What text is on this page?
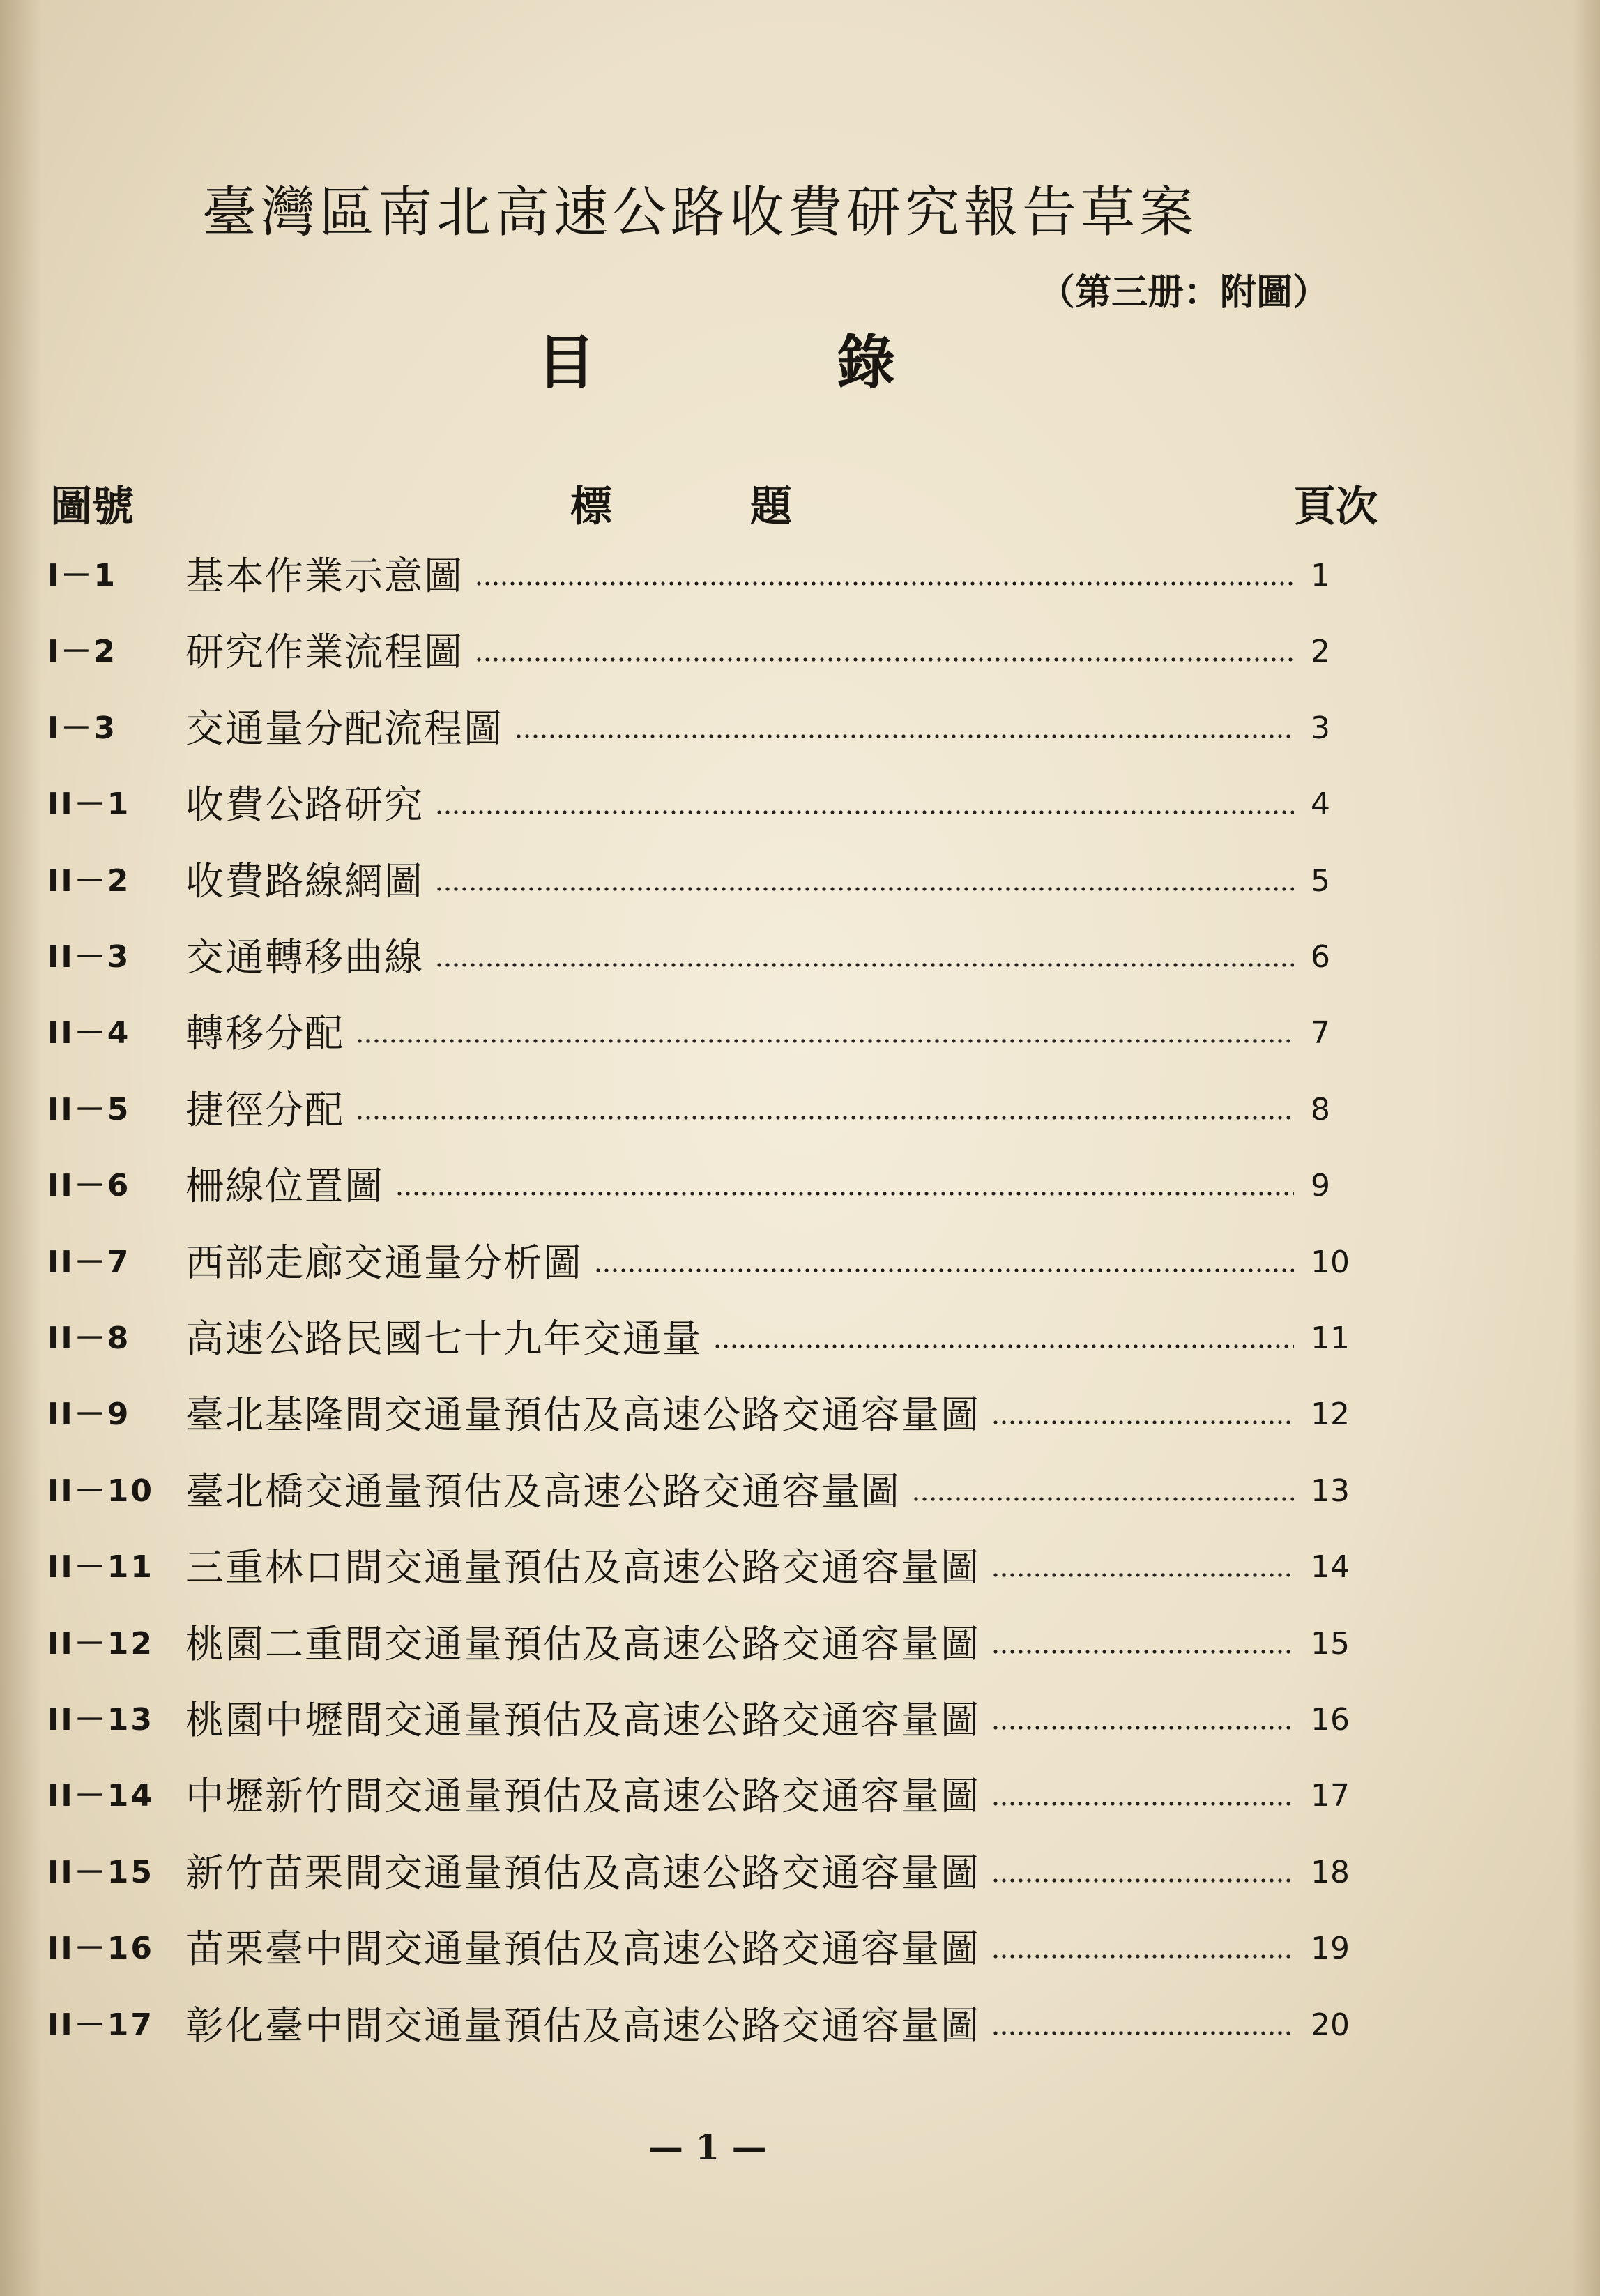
臺灣區南北高速公路收費研究報告草案
（第三册：附圖）
目	錄
圖號	標	題	頁次
I－1 基本作業示意圖	1
I－2 研究作業流程圖	2
I－3 交通量分配流程圖	3
II－1 收費公路研究	4
II－2 收費路線網圖	5
II－3 交通轉移曲線	6
II－4 轉移分配	7
II－5 捷徑分配	8
II－6 柵線位置圖	9
II－7 西部走廊交通量分析圖	10
II－8 高速公路民國七十九年交通量	11
II－9 臺北基隆間交通量預估及高速公路交通容量圖	12
II－10 臺北橋交通量預估及高速公路交通容量圖	13
II－11 三重林口間交通量預估及高速公路交通容量圖	14
II－12 桃園二重間交通量預估及高速公路交通容量圖	15
II－13 桃園中壢間交通量預估及高速公路交通容量圖	16
II－14 中壢新竹間交通量預估及高速公路交通容量圖	17
II－15 新竹苗栗間交通量預估及高速公路交通容量圖	18
II－16 苗栗臺中間交通量預估及高速公路交通容量圖	19
II－17 彰化臺中間交通量預估及高速公路交通容量圖	20
— 1 —
